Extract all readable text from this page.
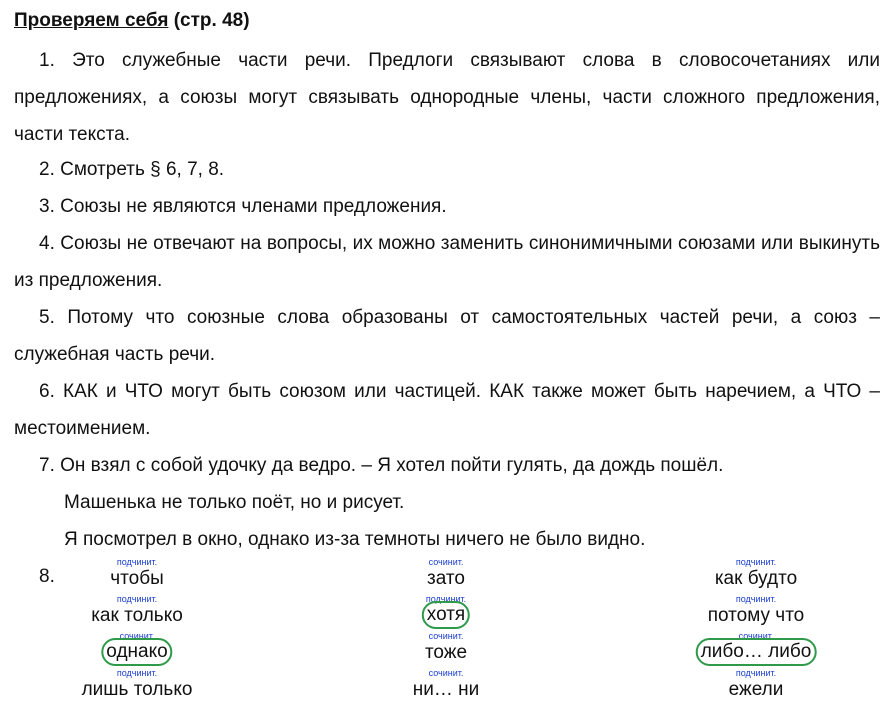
Проверяем себя (стр. 48)

1. Это служебные части речи. Предлоги связывают слова в словосочетаниях или предложениях, а союзы могут связывать однородные члены, части сложного предложения, части текста.

2. Смотреть § 6, 7, 8.

3. Союзы не являются членами предложения.

4. Союзы не отвечают на вопросы, их можно заменить синонимичными союзами или выкинуть из предложения.

5. Потому что союзные слова образованы от самостоятельных частей речи, а союз – служебная часть речи.

6. КАК и ЧТО могут быть союзом или частицей. КАК также может быть наречием, а ЧТО – местоимением.

7. Он взял с собой удочку да ведро. – Я хотел пойти гулять, да дождь пошёл.

Машенька не только поёт, но и рисует.
Я посмотрел в окно, однако из-за темноты ничего не было видно.
8.
подчинит.
чтобы
подчинит.
как только
сочинит.
однако
подчинит.
лишь только
сочинит.
зато
подчинит.
хотя
сочинит.
тоже
сочинит.
ни… ни
подчинит.
как будто
подчинит.
потому что
сочинит.
либо… либо
подчинит.
ежели
